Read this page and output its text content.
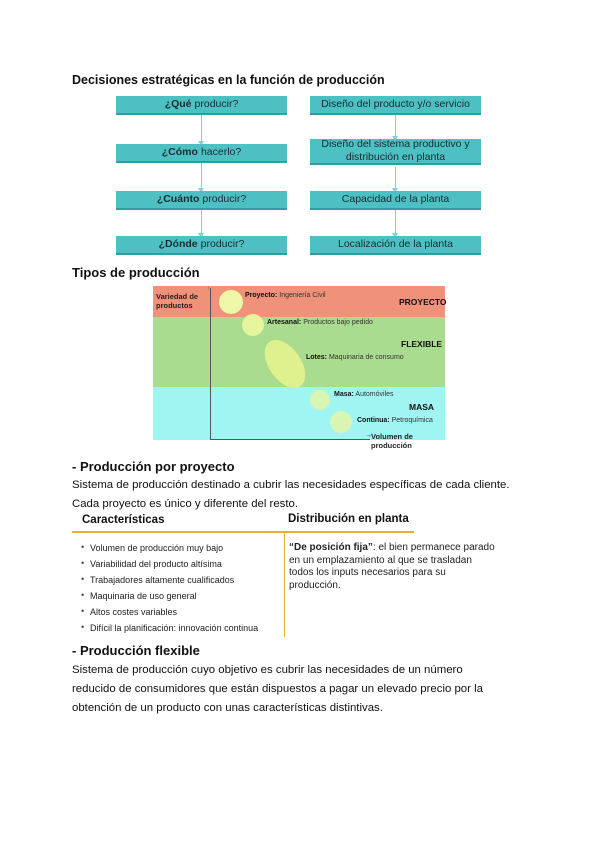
Decisiones estratégicas en la función de producción
¿Qué producir?
¿Cómo hacerlo?
¿Cuánto producir?
¿Dónde producir?
Diseño del producto y/o servicio
Diseño del sistema productivo y distribución en planta
Capacidad de la planta
Localización de la planta
Tipos de producción
↑
Variedad de productos
Volumen de producción
→
PROYECTO
FLEXIBLE
MASA
Proyecto: Ingeniería Civil
Artesanal: Productos bajo pedido
Lotes: Maquinaria de consumo
Masa: Automóviles
Continua: Petroquímica
- Producción por proyecto
Sistema de producción destinado a cubrir las necesidades específicas de cada cliente.
Cada proyecto es único y diferente del resto.
Características	Distribución en planta
• Volumen de producción muy bajo
• Variabilidad del producto altísima
• Trabajadores altamente cualificados
• Maquinaria de uso general
• Altos costes variables
• Difícil la planificación: innovación continua
“De posición fija”: el bien permanece parado
en un emplazamiento al que se trasladan
todos los inputs necesarios para su
producción.
- Producción flexible
Sistema de producción cuyo objetivo es cubrir las necesidades de un número
reducido de consumidores que están dispuestos a pagar un elevado precio por la
obtención de un producto con unas características distintivas.
